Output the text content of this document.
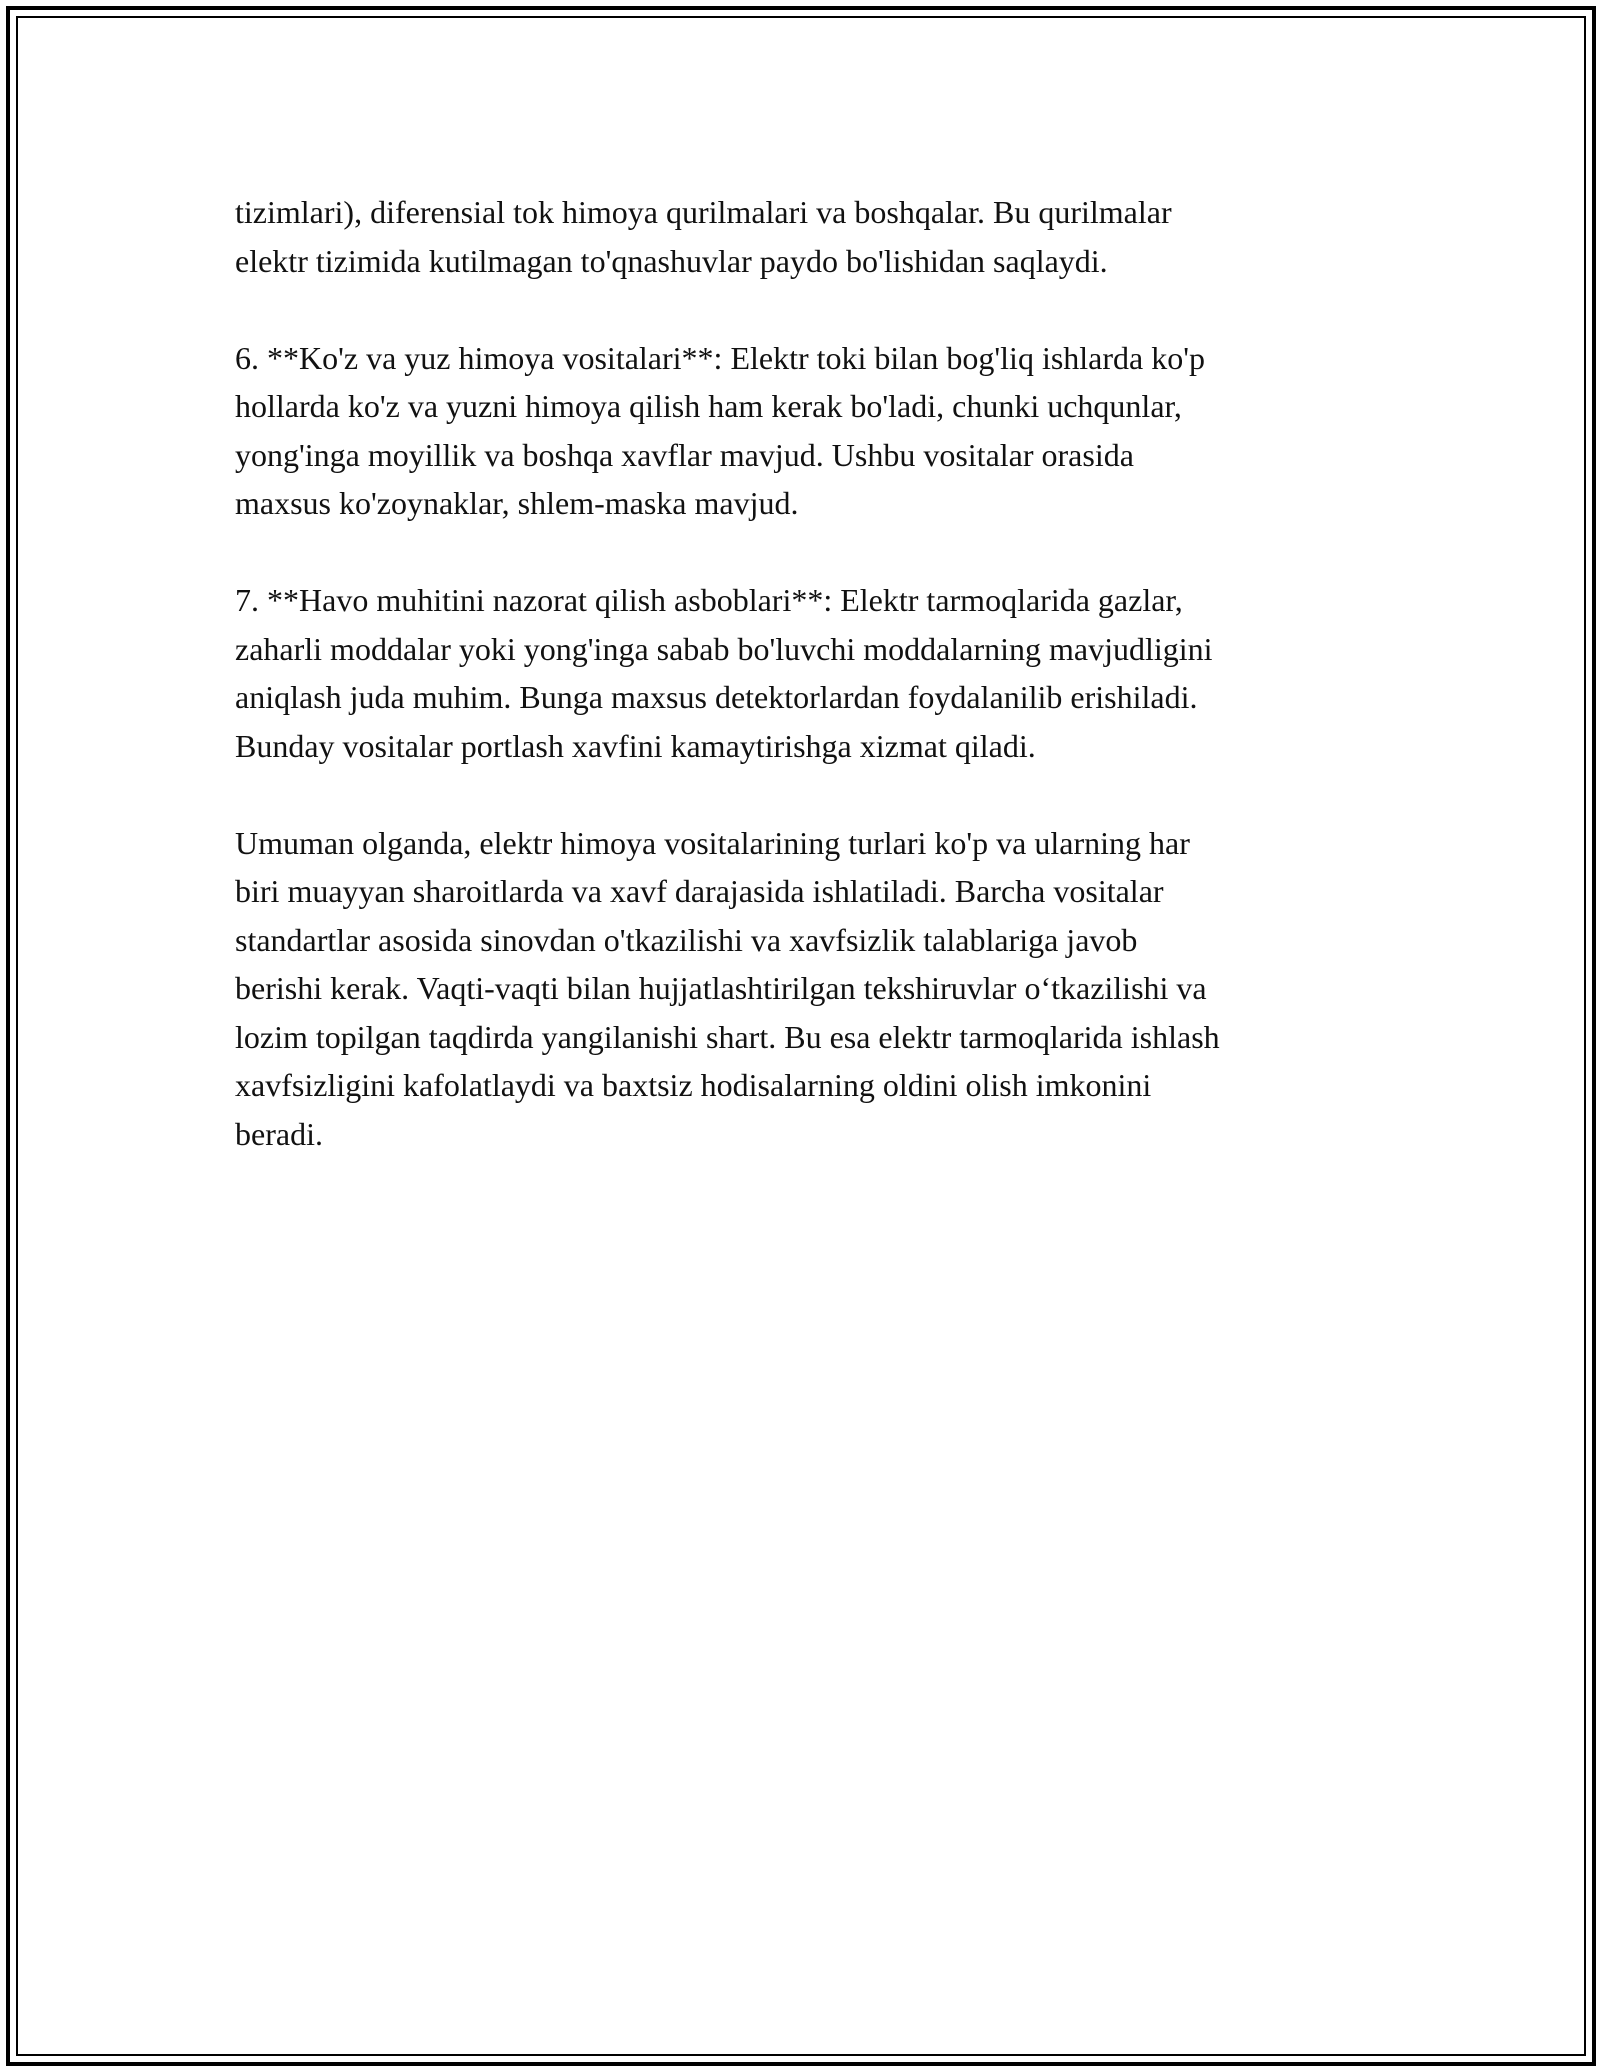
tizimlari), diferensial tok himoya qurilmalari va boshqalar. Bu qurilmalar
elektr tizimida kutilmagan to'qnashuvlar paydo bo'lishidan saqlaydi.

6. **Ko'z va yuz himoya vositalari**: Elektr toki bilan bog'liq ishlarda ko'p
hollarda ko'z va yuzni himoya qilish ham kerak bo'ladi, chunki uchqunlar,
yong'inga moyillik va boshqa xavflar mavjud. Ushbu vositalar orasida
maxsus ko'zoynaklar, shlem-maska mavjud.

7. **Havo muhitini nazorat qilish asboblari**: Elektr tarmoqlarida gazlar,
zaharli moddalar yoki yong'inga sabab bo'luvchi moddalarning mavjudligini
aniqlash juda muhim. Bunga maxsus detektorlardan foydalanilib erishiladi.
Bunday vositalar portlash xavfini kamaytirishga xizmat qiladi.

Umuman olganda, elektr himoya vositalarining turlari ko'p va ularning har
biri muayyan sharoitlarda va xavf darajasida ishlatiladi. Barcha vositalar
standartlar asosida sinovdan o'tkazilishi va xavfsizlik talablariga javob
berishi kerak. Vaqti-vaqti bilan hujjatlashtirilgan tekshiruvlar o‘tkazilishi va
lozim topilgan taqdirda yangilanishi shart. Bu esa elektr tarmoqlarida ishlash
xavfsizligini kafolatlaydi va baxtsiz hodisalarning oldini olish imkonini
beradi.
